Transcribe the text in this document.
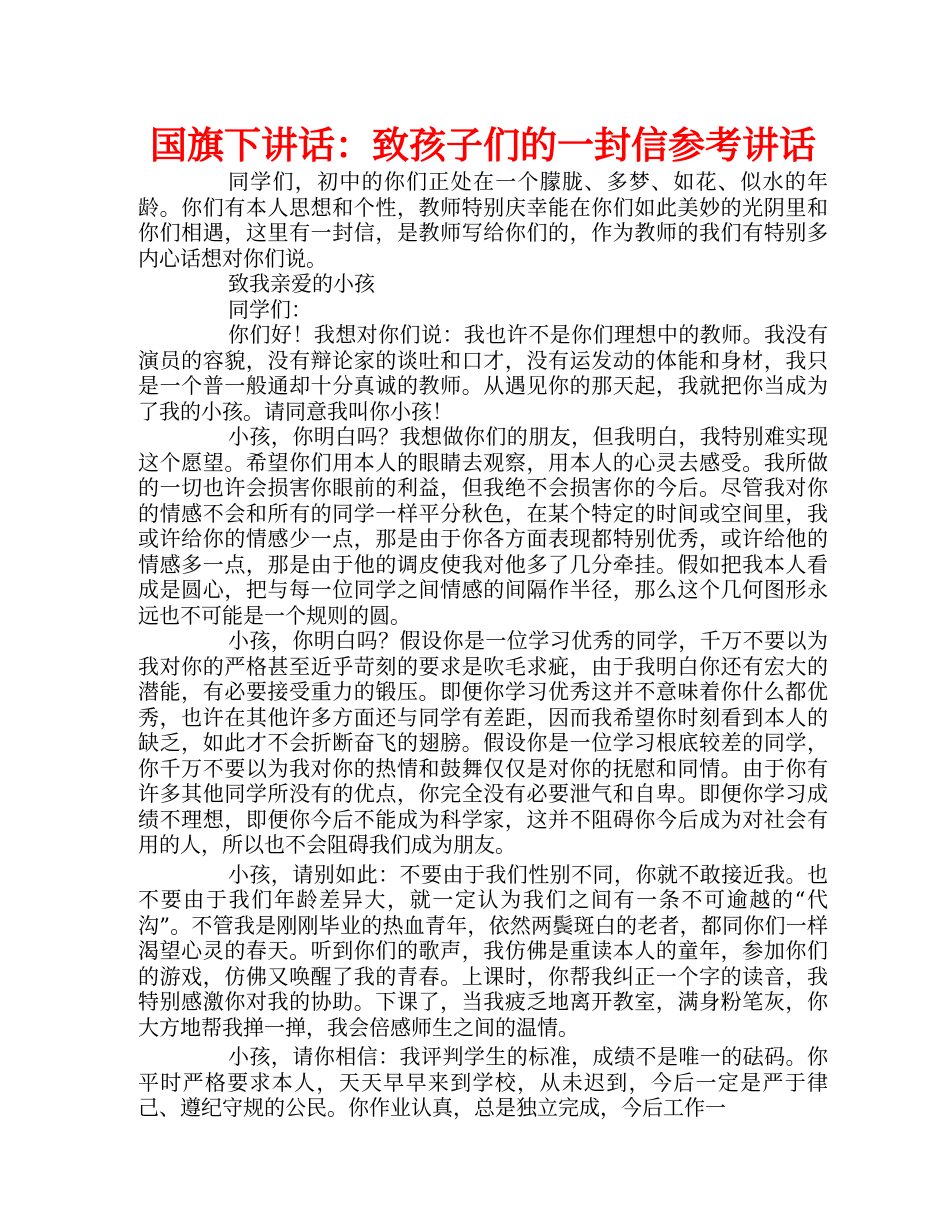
国旗下讲话：致孩子们的一封信参考讲话

同学们，初中的你们正处在一个朦胧、多梦、如花、似水的年龄。你们有本人思想和个性，教师特别庆幸能在你们如此美妙的光阴里和你们相遇，这里有一封信，是教师写给你们的，作为教师的我们有特别多内心话想对你们说。

致我亲爱的小孩

同学们：

你们好！我想对你们说：我也许不是你们理想中的教师。我没有演员的容貌，没有辩论家的谈吐和口才，没有运发动的体能和身材，我只是一个普一般通却十分真诚的教师。从遇见你的那天起，我就把你当成为了我的小孩。请同意我叫你小孩！

小孩，你明白吗？我想做你们的朋友，但我明白，我特别难实现这个愿望。希望你们用本人的眼睛去观察，用本人的心灵去感受。我所做的一切也许会损害你眼前的利益，但我绝不会损害你的今后。尽管我对你的情感不会和所有的同学一样平分秋色，在某个特定的时间或空间里，我或许给你的情感少一点，那是由于你各方面表现都特别优秀，或许给他的情感多一点，那是由于他的调皮使我对他多了几分牵挂。假如把我本人看成是圆心，把与每一位同学之间情感的间隔作半径，那么这个几何图形永远也不可能是一个规则的圆。

小孩，你明白吗？假设你是一位学习优秀的同学，千万不要以为我对你的严格甚至近乎苛刻的要求是吹毛求疵，由于我明白你还有宏大的潜能，有必要接受重力的锻压。即便你学习优秀这并不意味着你什么都优秀，也许在其他许多方面还与同学有差距，因而我希望你时刻看到本人的缺乏，如此才不会折断奋飞的翅膀。假设你是一位学习根底较差的同学，你千万不要以为我对你的热情和鼓舞仅仅是对你的抚慰和同情。由于你有许多其他同学所没有的优点，你完全没有必要泄气和自卑。即便你学习成绩不理想，即便你今后不能成为科学家，这并不阻碍你今后成为对社会有用的人，所以也不会阻碍我们成为朋友。

小孩，请别如此：不要由于我们性别不同，你就不敢接近我。也不要由于我们年龄差异大，就一定认为我们之间有一条不可逾越的“代沟”。不管我是刚刚毕业的热血青年，依然两鬓斑白的老者，都同你们一样渴望心灵的春天。听到你们的歌声，我仿佛是重读本人的童年，参加你们的游戏，仿佛又唤醒了我的青春。上课时，你帮我纠正一个字的读音，我特别感激你对我的协助。下课了，当我疲乏地离开教室，满身粉笔灰，你大方地帮我掸一掸，我会倍感师生之间的温情。

小孩，请你相信：我评判学生的标准，成绩不是唯一的砝码。你平时严格要求本人，天天早早来到学校，从未迟到，今后一定是严于律己、遵纪守规的公民。你作业认真，总是独立完成，今后工作一
